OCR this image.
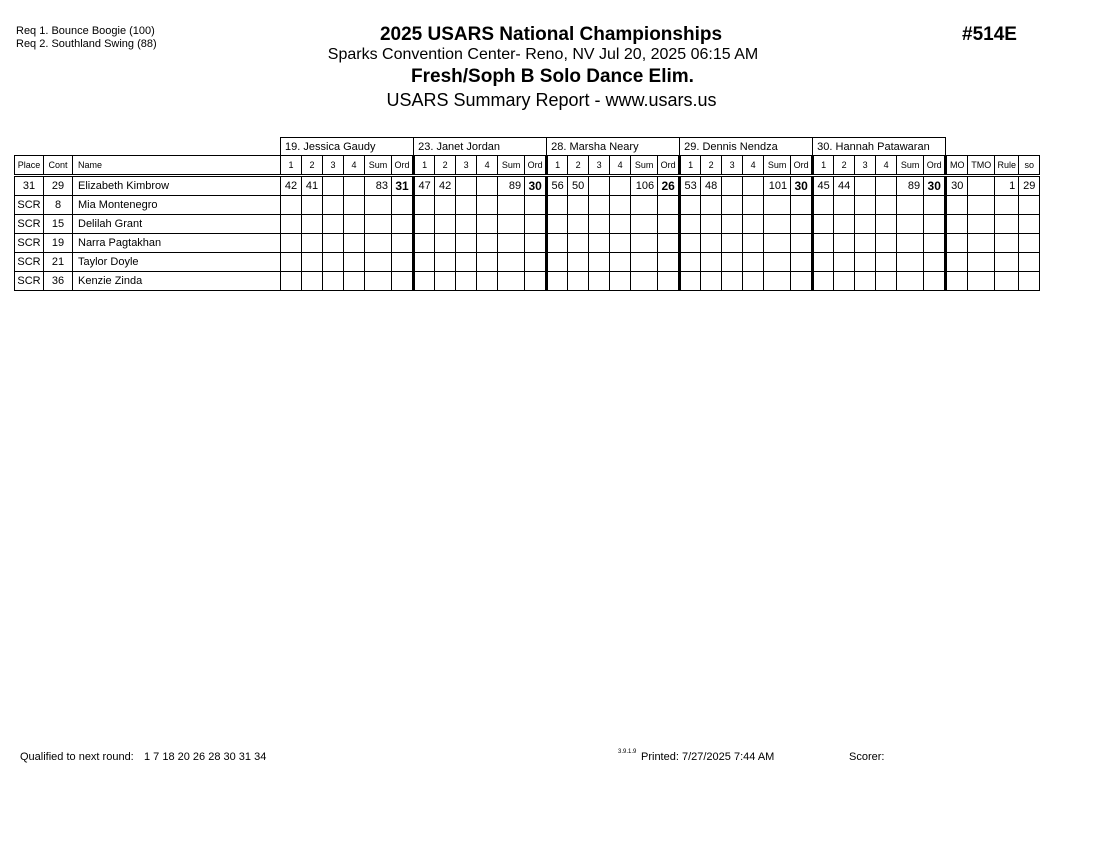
Req 1. Bounce Boogie (100)
Req 2. Southland Swing (88)	2025 USARS National Championships	#514E
Sparks Convention Center- Reno, NV Jul 20, 2025 06:15 AM
Fresh/Soph B Solo Dance Elim.
USARS Summary Report - www.usars.us
			19. Jessica Gaudy						23. Janet Jordan						28. Marsha Neary						29. Dennis Nendza						30. Hannah Patawaran									
Place	Cont	Name	1	2	3	4	Sum	Ord	1	2	3	4	Sum	Ord	1	2	3	4	Sum	Ord	1	2	3	4	Sum	Ord	1	2	3	4	Sum	Ord	MO	TMO	Rule	so
31	29	Elizabeth Kimbrow	42	41			83	31	47	42			89	30	56	50			106	26	53	48			101	30	45	44			89	30	30		1	29
SCR	8	Mia Montenegro																																		
SCR	15	Delilah Grant																																		
SCR	19	Narra Pagtakhan																																		
SCR	21	Taylor Doyle																																		
SCR	36	Kenzie Zinda																																		
Qualified to next round: 1 7 18 20 26 28 30 31 34	3.9.1.9 Printed: 7/27/2025 7:44 AM	Scorer:
